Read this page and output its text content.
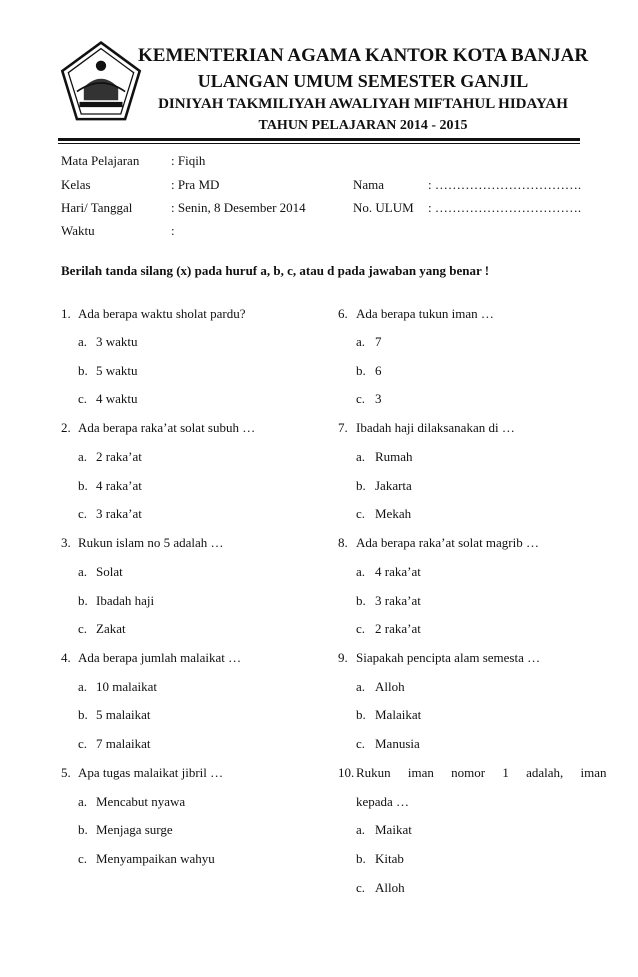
KEMENTERIAN AGAMA KANTOR KOTA BANJAR
ULANGAN UMUM SEMESTER GANJIL
DINIYAH TAKMILIYAH AWALIYAH MIFTAHUL HIDAYAH
TAHUN PELAJARAN 2014 - 2015
Mata Pelajaran : Fiqih
Kelas	: Pra MD
Hari/ Tanggal	: Senin, 8 Desember 2014
Waktu	:
Nama	: …………………………….
No. ULUM : …………………………….
Berilah tanda silang (x) pada huruf a, b, c, atau d pada jawaban yang benar !
1. Ada berapa waktu sholat pardu?
a. 3 waktu
b. 5 waktu
c. 4 waktu
2. Ada berapa raka’at solat subuh …
a. 2 raka’at
b. 4 raka’at
c. 3 raka’at
3. Rukun islam no 5 adalah …
a. Solat
b. Ibadah haji
c. Zakat
4. Ada berapa jumlah malaikat …
a. 10 malaikat
b. 5 malaikat
c. 7 malaikat
5. Apa tugas malaikat jibril …
a. Mencabut nyawa
b. Menjaga surge
c. Menyampaikan wahyu
6. Ada berapa tukun iman …
a. 7
b. 6
c. 3
7. Ibadah haji dilaksanakan di …
a. Rumah
b. Jakarta
c. Mekah
8. Ada berapa raka’at solat magrib …
a. 4 raka’at
b. 3 raka’at
c. 2 raka’at
9. Siapakah pencipta alam semesta …
a. Alloh
b. Malaikat
c. Manusia
10. Rukun iman nomor 1 adalah, iman
kepada …
a. Maikat
b. Kitab
c. Alloh
